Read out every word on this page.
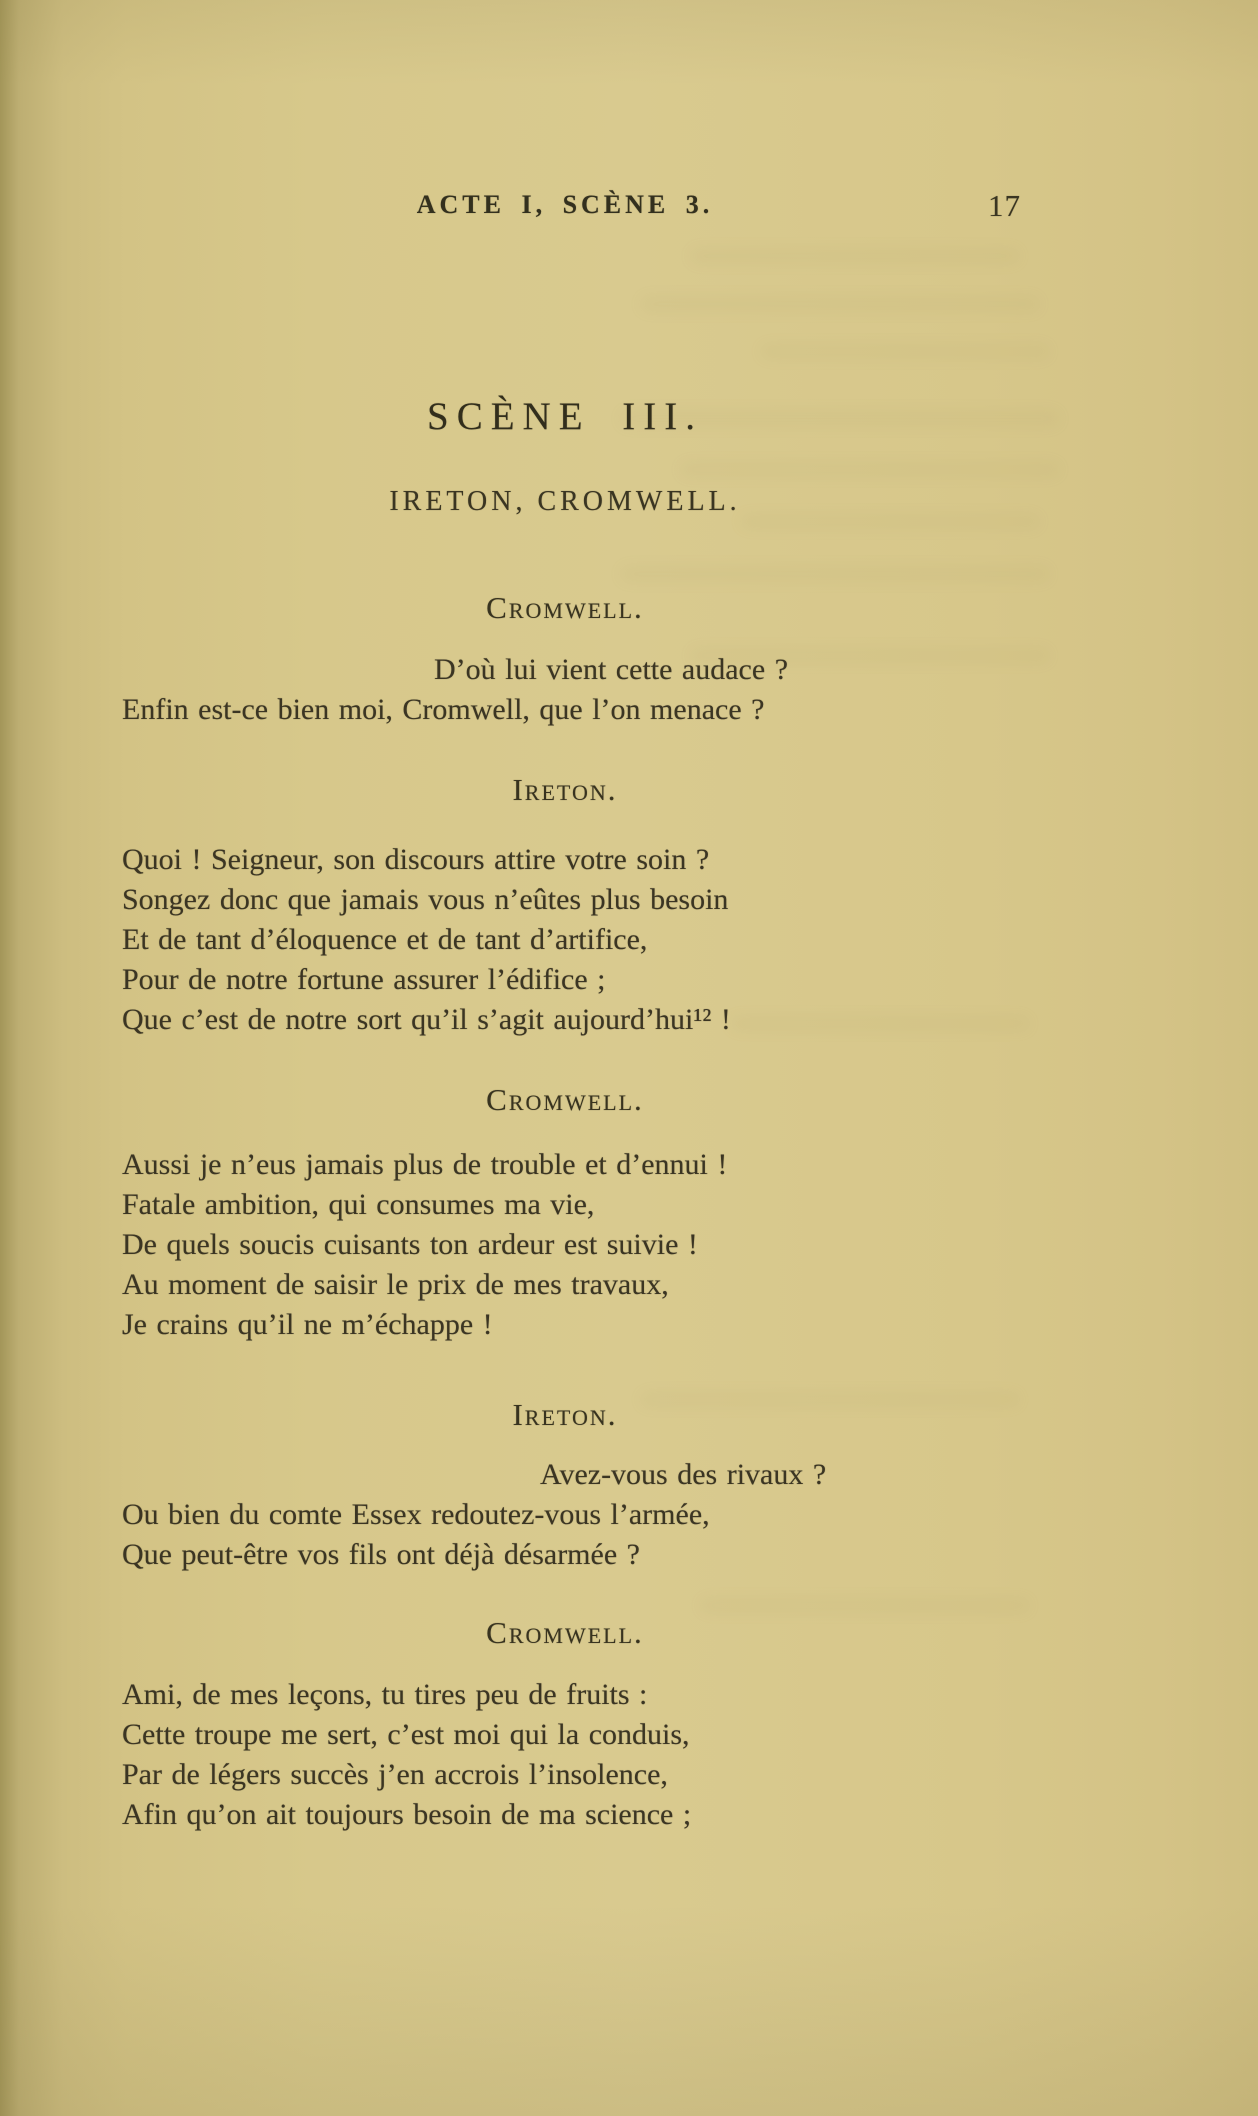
ACTE I, SCÈNE 3.	17
SCÈNE III.
IRETON, CROMWELL.
Cromwell.
D’où lui vient cette audace ?
Enfin est-ce bien moi, Cromwell, que l’on menace ?
Ireton.
Quoi ! Seigneur, son discours attire votre soin ?
Songez donc que jamais vous n’eûtes plus besoin
Et de tant d’éloquence et de tant d’artifice,
Pour de notre fortune assurer l’édifice ;
Que c’est de notre sort qu’il s’agit aujourd’hui¹² !
Cromwell.
Aussi je n’eus jamais plus de trouble et d’ennui !
Fatale ambition, qui consumes ma vie,
De quels soucis cuisants ton ardeur est suivie !
Au moment de saisir le prix de mes travaux,
Je crains qu’il ne m’échappe !
Ireton.
Avez-vous des rivaux ?
Ou bien du comte Essex redoutez-vous l’armée,
Que peut-être vos fils ont déjà désarmée ?
Cromwell.
Ami, de mes leçons, tu tires peu de fruits :
Cette troupe me sert, c’est moi qui la conduis,
Par de légers succès j’en accrois l’insolence,
Afin qu’on ait toujours besoin de ma science ;
